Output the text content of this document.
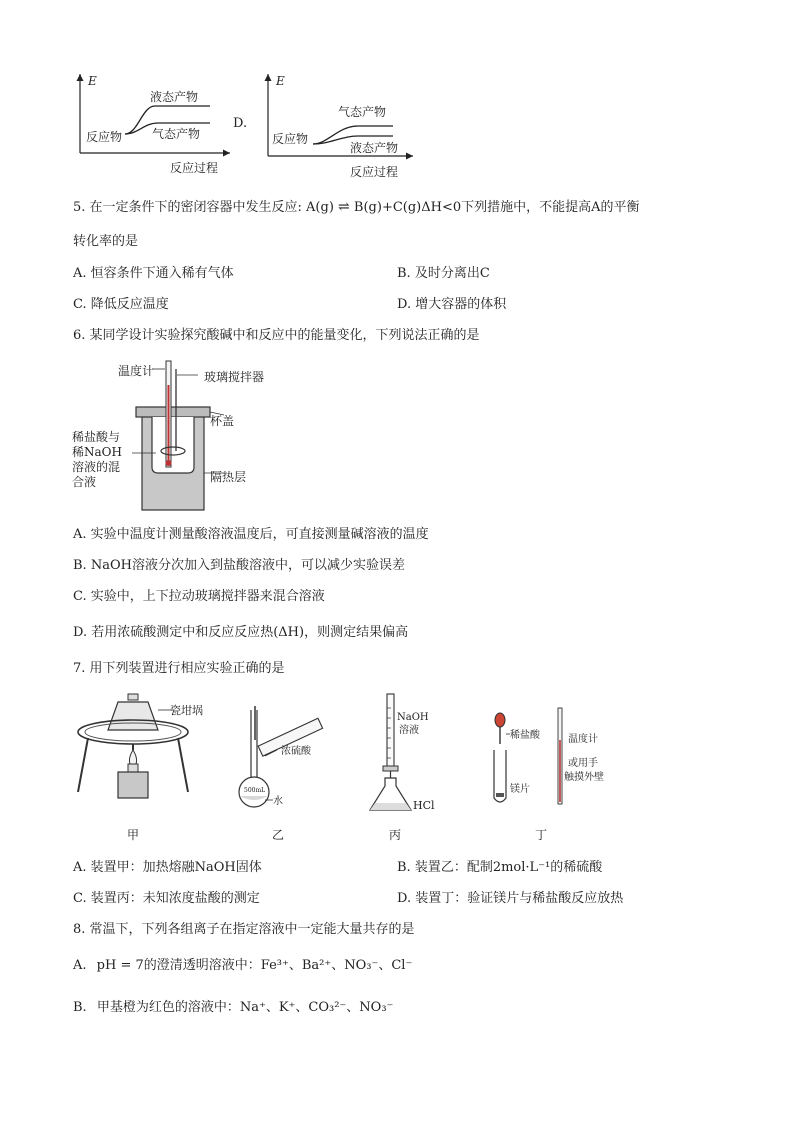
E
反应物
液态产物
气态产物
反应过程
D.
E
反应物
气态产物
液态产物
反应过程
5. 在一定条件下的密闭容器中发生反应: A(g) ⇌ B(g)+C(g)ΔH<0下列措施中，不能提高A的平衡
转化率的是
A. 恒容条件下通入稀有气体	B. 及时分离出C
C. 降低反应温度	D. 增大容器的体积
6. 某同学设计实验探究酸碱中和反应中的能量变化，下列说法正确的是
温度计	玻璃搅拌器
杯盖
稀盐酸与
稀NaOH
溶液的混
合液	隔热层
A. 实验中温度计测量酸溶液温度后，可直接测量碱溶液的温度
B. NaOH溶液分次加入到盐酸溶液中，可以减少实验误差
C. 实验中，上下拉动玻璃搅拌器来混合溶液
D. 若用浓硫酸测定中和反应反应热(ΔH)，则测定结果偏高
7. 用下列装置进行相应实验正确的是
瓷坩埚
甲
500mL
浓硫酸
水
乙
NaOH
溶液
HCl
丙
稀盐酸
镁片
温度计
或用手
触摸外壁
丁
A. 装置甲：加热熔融NaOH固体	B. 装置乙：配制2mol·L⁻¹的稀硫酸
C. 装置丙：未知浓度盐酸的测定	D. 装置丁：验证镁片与稀盐酸反应放热
8. 常温下，下列各组离子在指定溶液中一定能大量共存的是
A. pH = 7的澄清透明溶液中：Fe³⁺、Ba²⁺、NO₃⁻、Cl⁻
B. 甲基橙为红色的溶液中：Na⁺、K⁺、CO₃²⁻、NO₃⁻
